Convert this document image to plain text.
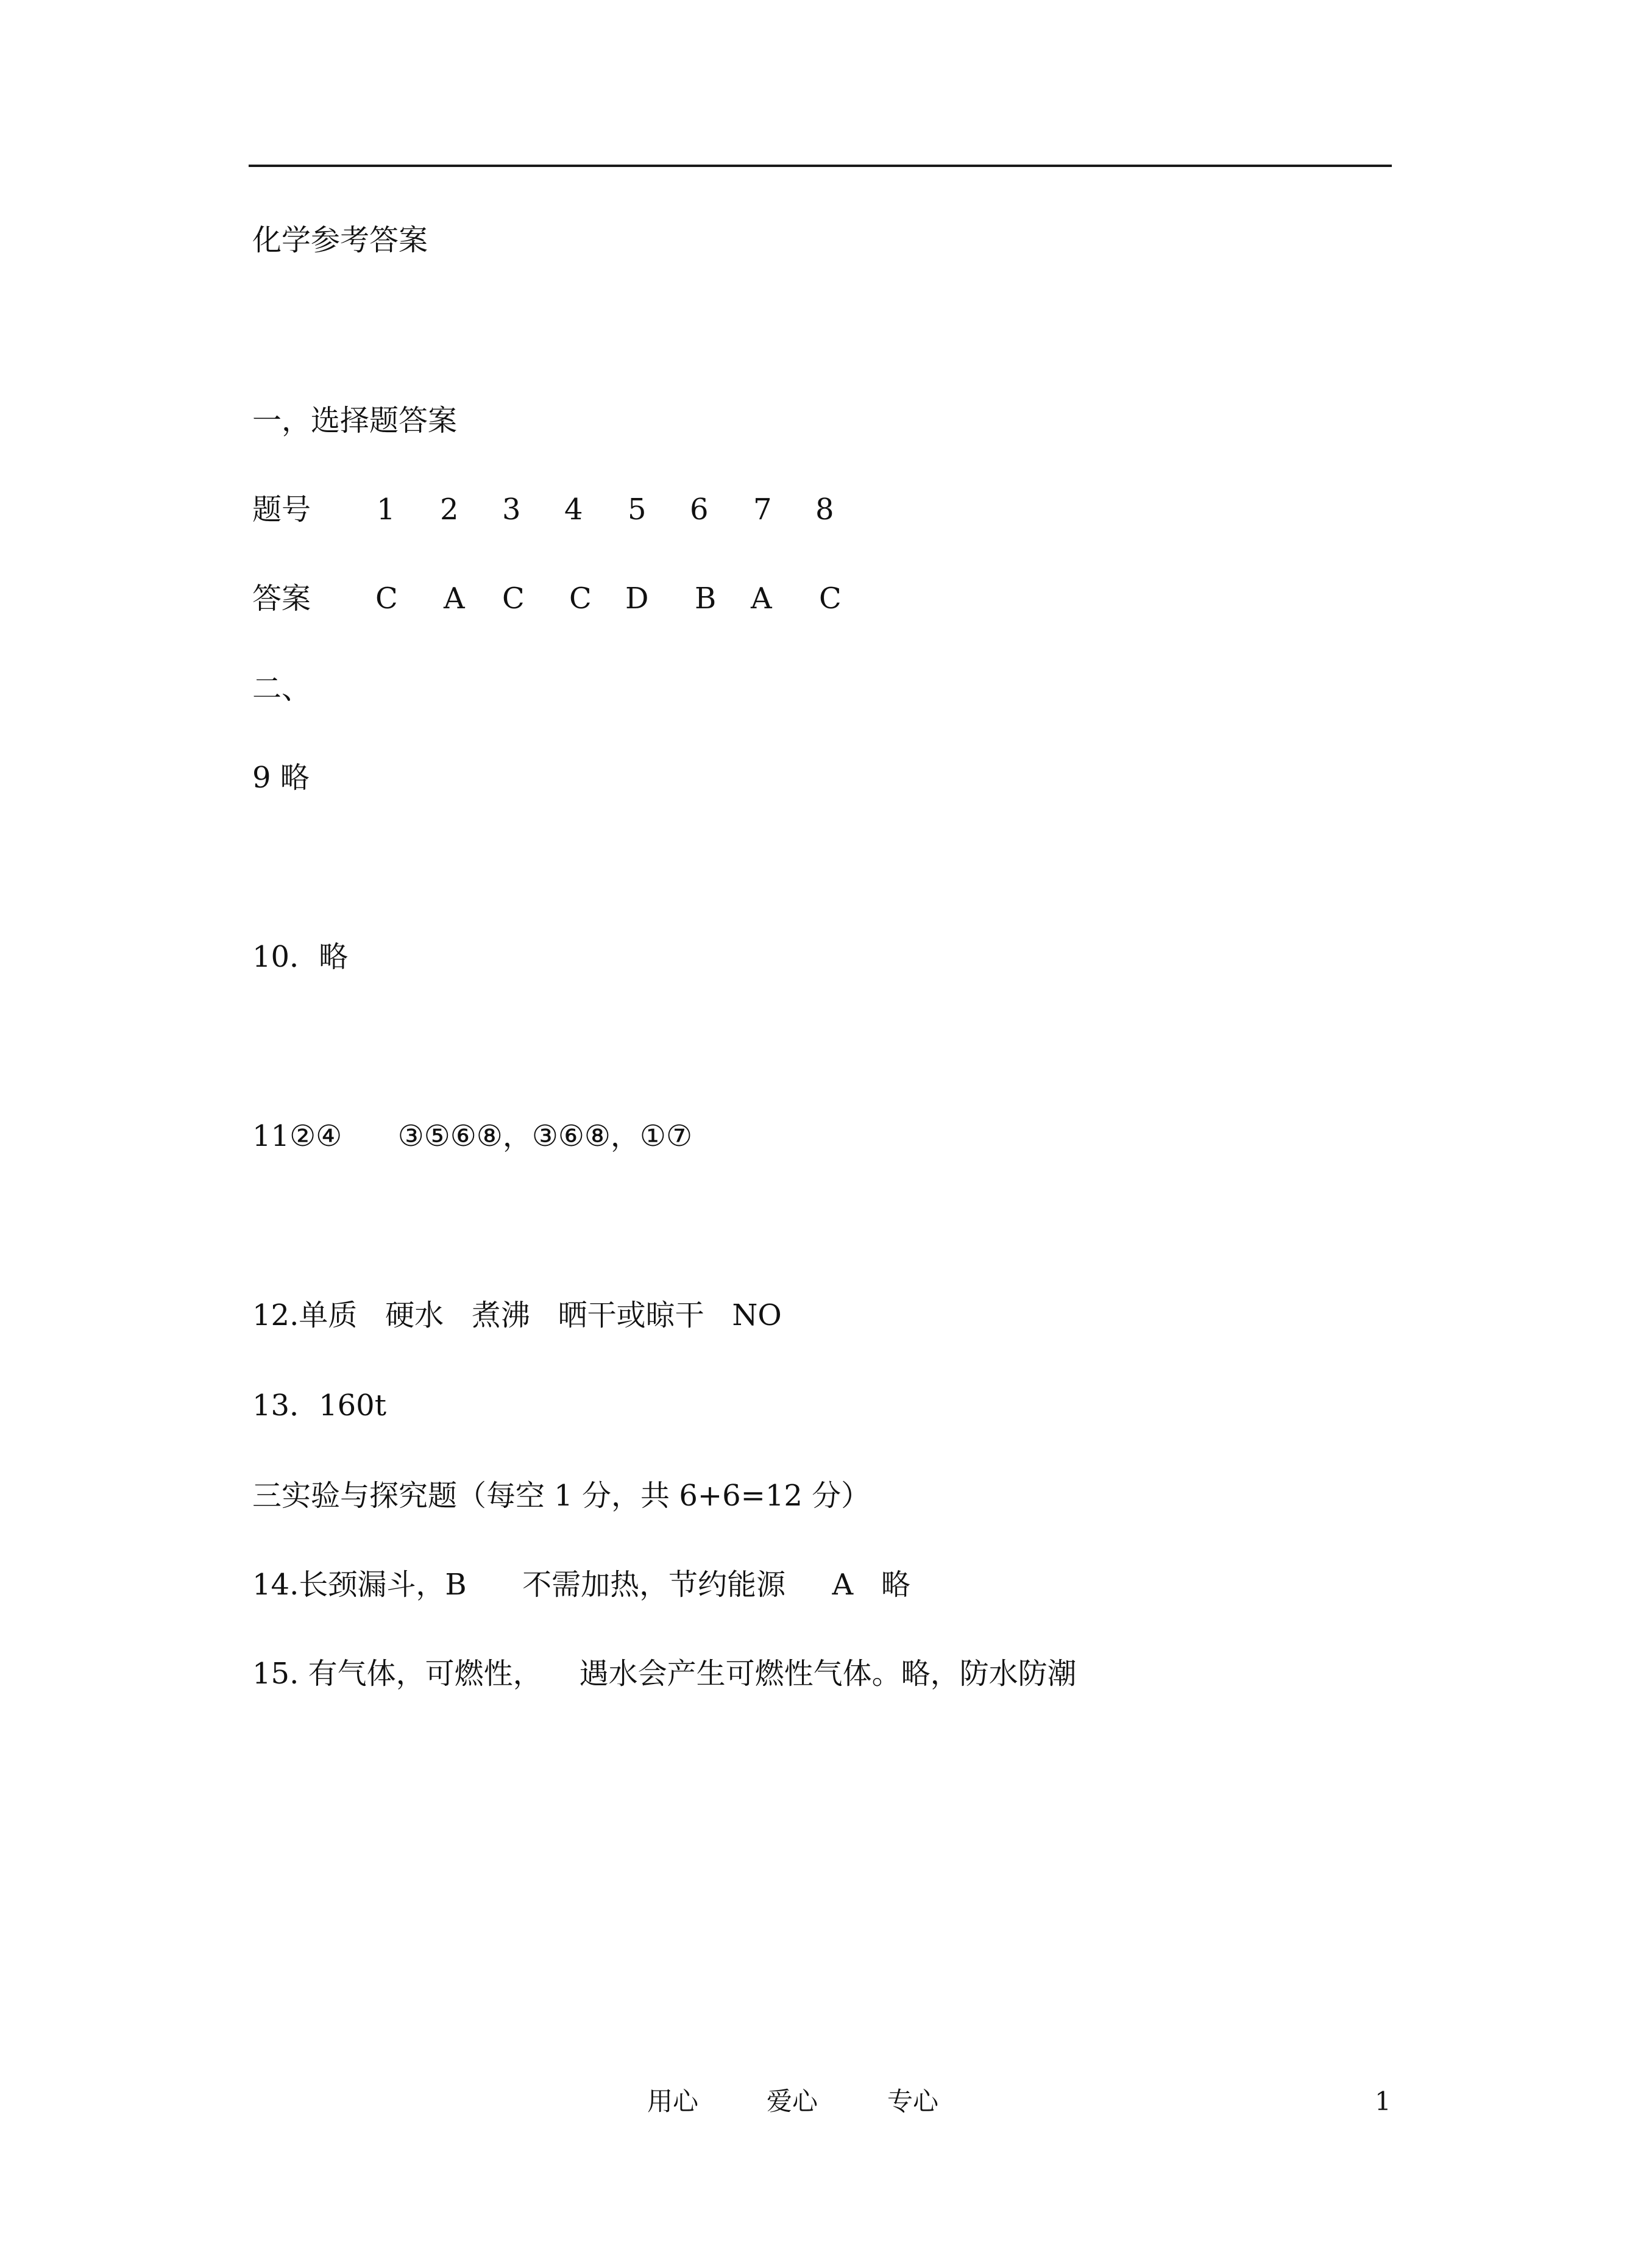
化学参考答案
一，选择题答案
题号 1 2 3 4 5 6 7 8
答案 C A C C D B A C
二、
9 略
10．略
11②④      ③⑤⑥⑧，③⑥⑧，①⑦
12.单质   硬水   煮沸   晒干或晾干   NO
13．160t
三实验与探究题（每空 1 分，共 6+6=12 分）
14.长颈漏斗，B      不需加热，节约能源     A   略
15. 有气体，可燃性，    遇水会产生可燃性气体。略，防水防潮
用心	爱心	专心	1
